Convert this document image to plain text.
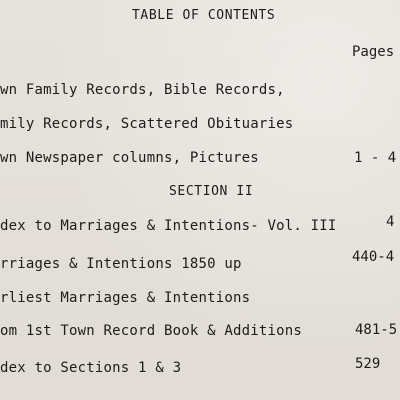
TABLE OF CONTENTS
Pages
wn Family Records, Bible Records,
mily Records, Scattered Obituaries
wn Newspaper columns, Pictures	1 - 4
SECTION II
dex to Marriages & Intentions- Vol. III	4
rriages & Intentions 1850 up	440-4
rliest Marriages & Intentions
om 1st Town Record Book & Additions	481-5
dex to Sections 1 & 3	529
